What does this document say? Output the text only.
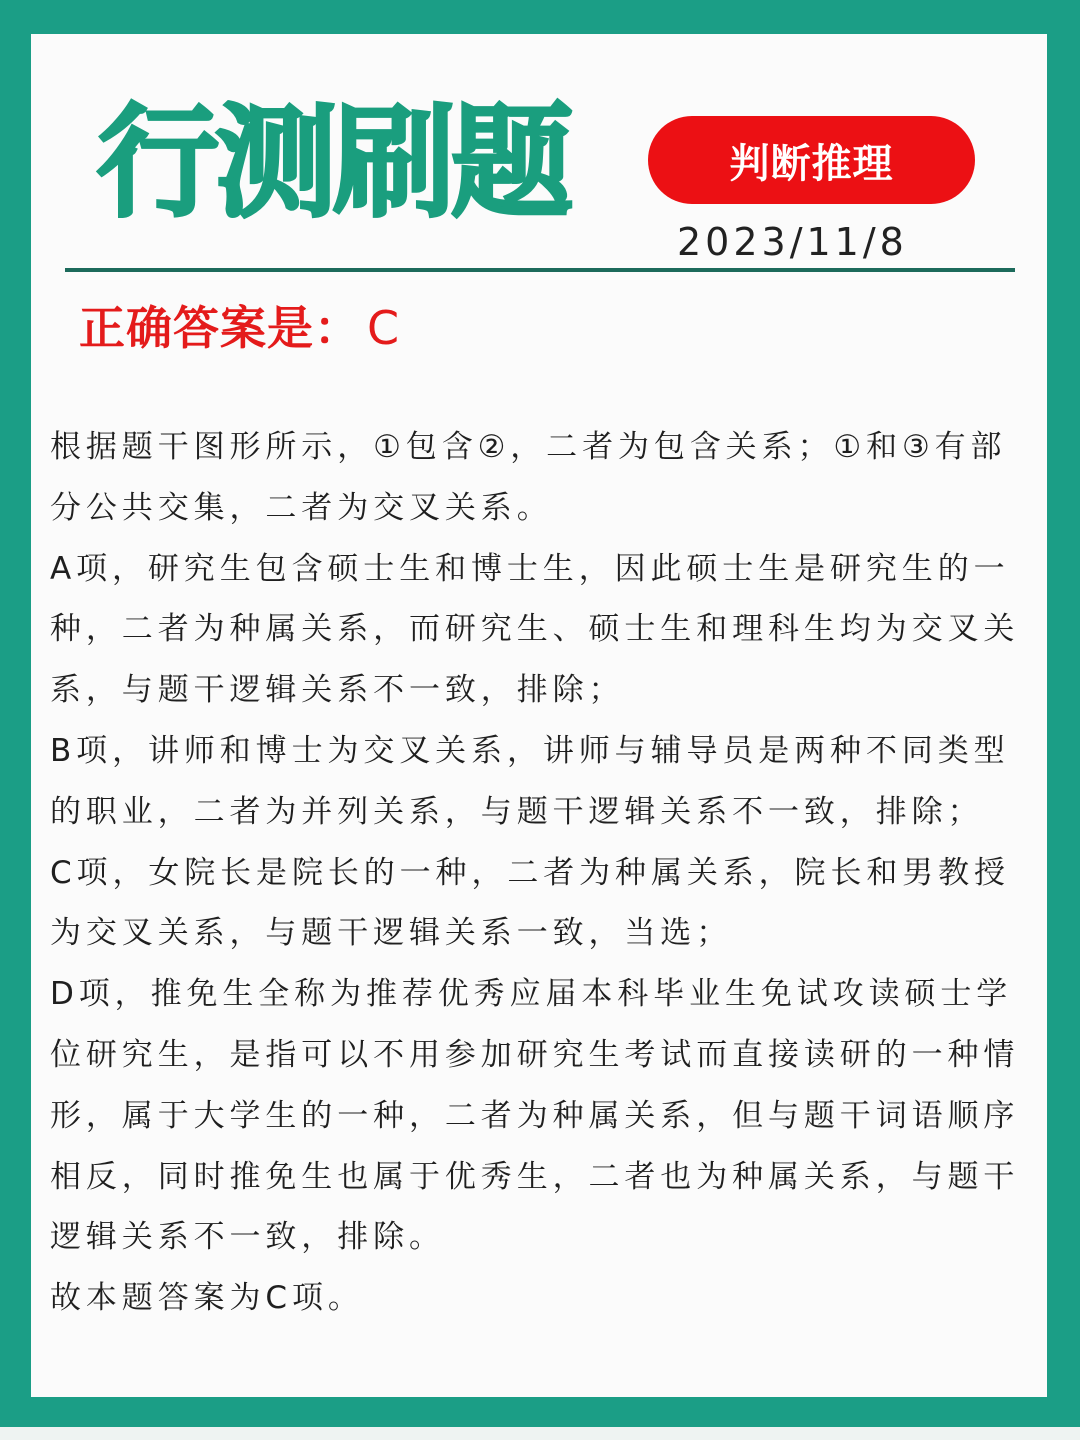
行测刷题	判断推理
2023/11/8
正确答案是： C

根据题干图形所示，①包含②，二者为包含关系；①和③有部分公共交集，二者为交叉关系。

A项，研究生包含硕士生和博士生，因此硕士生是研究生的一种，二者为种属关系，而研究生、硕士生和理科生均为交叉关系，与题干逻辑关系不一致，排除；

B项，讲师和博士为交叉关系，讲师与辅导员是两种不同类型的职业，二者为并列关系，与题干逻辑关系不一致，排除；

C项，女院长是院长的一种，二者为种属关系，院长和男教授为交叉关系，与题干逻辑关系一致，当选；

D项，推免生全称为推荐优秀应届本科毕业生免试攻读硕士学位研究生，是指可以不用参加研究生考试而直接读研的一种情形，属于大学生的一种，二者为种属关系，但与题干词语顺序相反，同时推免生也属于优秀生，二者也为种属关系，与题干逻辑关系不一致，排除。

故本题答案为C项。
